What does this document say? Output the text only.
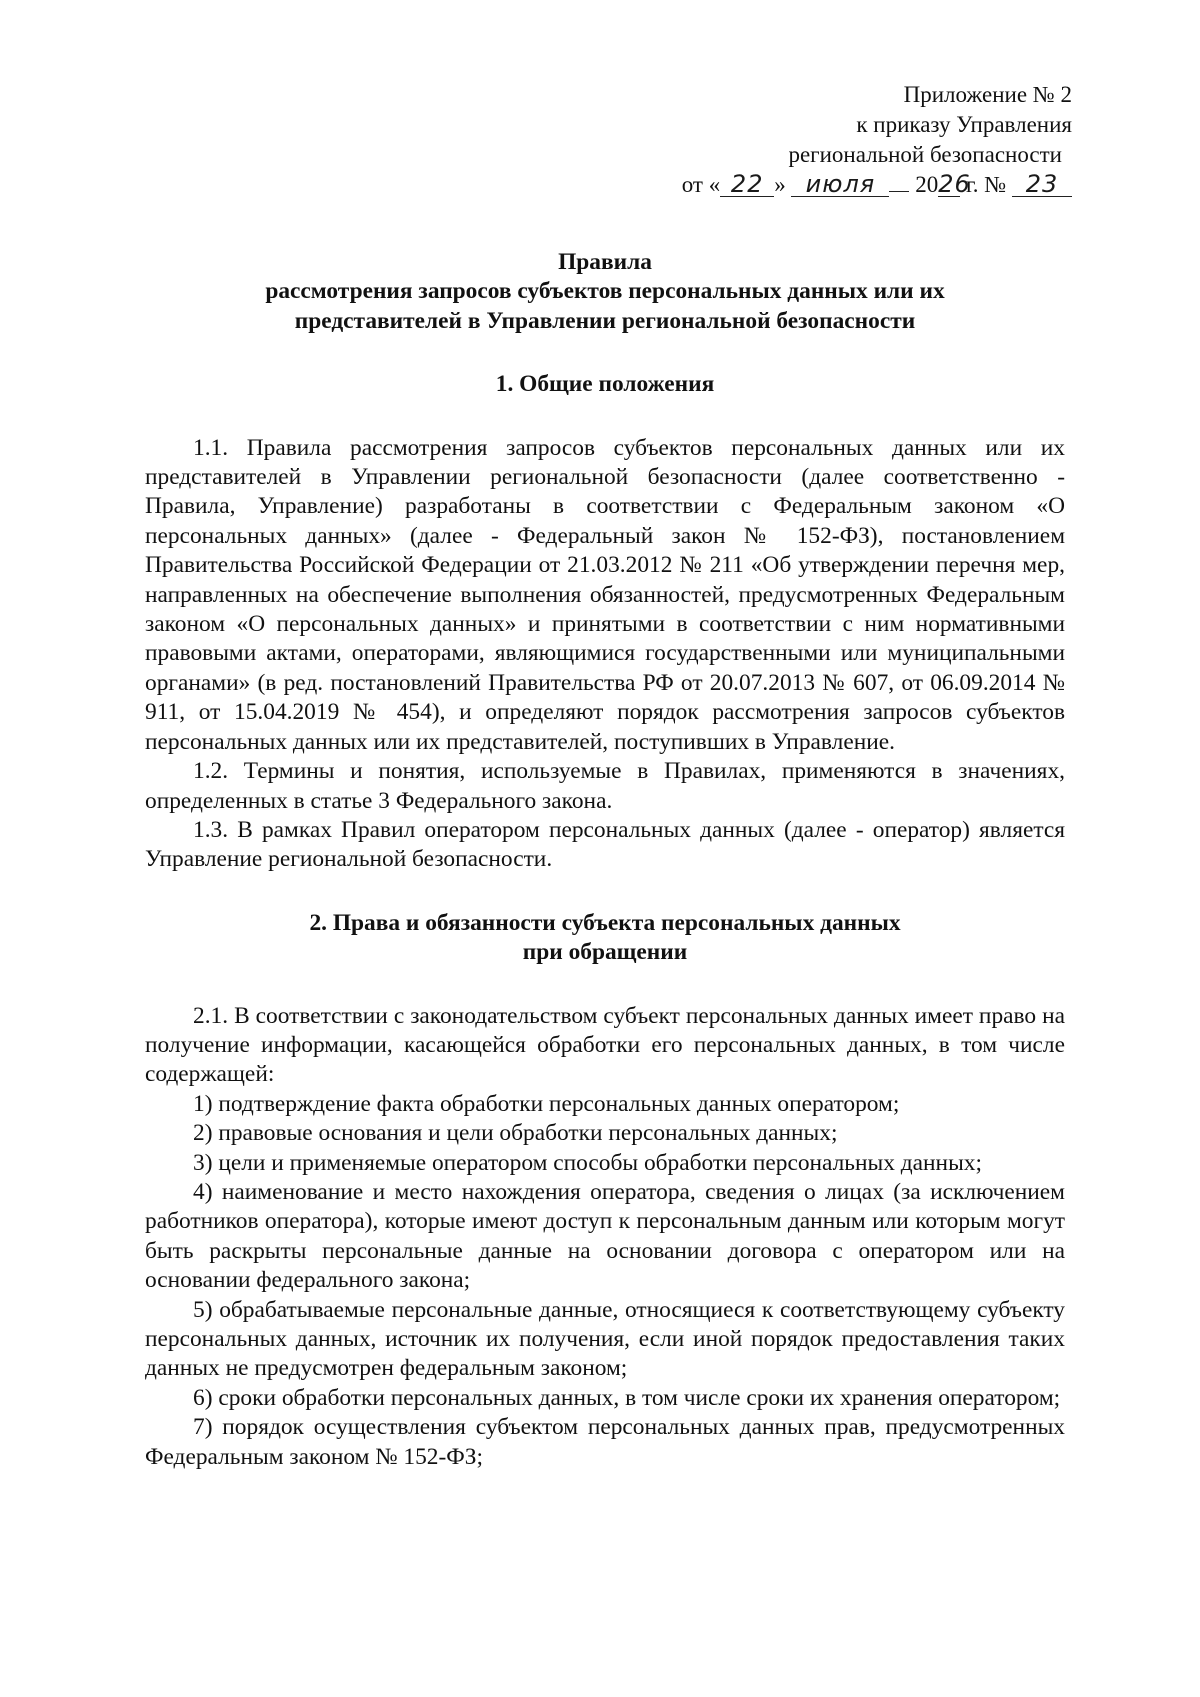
Приложение № 2
к приказу Управления
региональной безопасности
от « 22 » июля 2026 г. № 23
Правила
рассмотрения запросов субъектов персональных данных или их
представителей в Управлении региональной безопасности
1. Общие положения

1.1. Правила рассмотрения запросов субъектов персональных данных или их представителей в Управлении региональной безопасности (далее соответственно - Правила, Управление) разработаны в соответствии с Федеральным законом «О персональных данных» (далее - Федеральный закон № 152-ФЗ), постановлением Правительства Российской Федерации от 21.03.2012 № 211 «Об утверждении перечня мер, направленных на обеспечение выполнения обязанностей, предусмотренных Федеральным законом «О персональных данных» и принятыми в соответствии с ним нормативными правовыми актами, операторами, являющимися государственными или муниципальными органами» (в ред. постановлений Правительства РФ от 20.07.2013 № 607, от 06.09.2014 № 911, от 15.04.2019 № 454), и определяют порядок рассмотрения запросов субъектов персональных данных или их представителей, поступивших в Управление.

1.2. Термины и понятия, используемые в Правилах, применяются в значениях, определенных в статье 3 Федерального закона.

1.3. В рамках Правил оператором персональных данных (далее - оператор) является Управление региональной безопасности.

2. Права и обязанности субъекта персональных данных
при обращении

2.1. В соответствии с законодательством субъект персональных данных имеет право на получение информации, касающейся обработки его персональных данных, в том числе содержащей:

1) подтверждение факта обработки персональных данных оператором;

2) правовые основания и цели обработки персональных данных;

3) цели и применяемые оператором способы обработки персональных данных;

4) наименование и место нахождения оператора, сведения о лицах (за исключением работников оператора), которые имеют доступ к персональным данным или которым могут быть раскрыты персональные данные на основании договора с оператором или на основании федерального закона;

5) обрабатываемые персональные данные, относящиеся к соответствующему субъекту персональных данных, источник их получения, если иной порядок предоставления таких данных не предусмотрен федеральным законом;

6) сроки обработки персональных данных, в том числе сроки их хранения оператором;

7) порядок осуществления субъектом персональных данных прав, предусмотренных Федеральным законом № 152-ФЗ;
